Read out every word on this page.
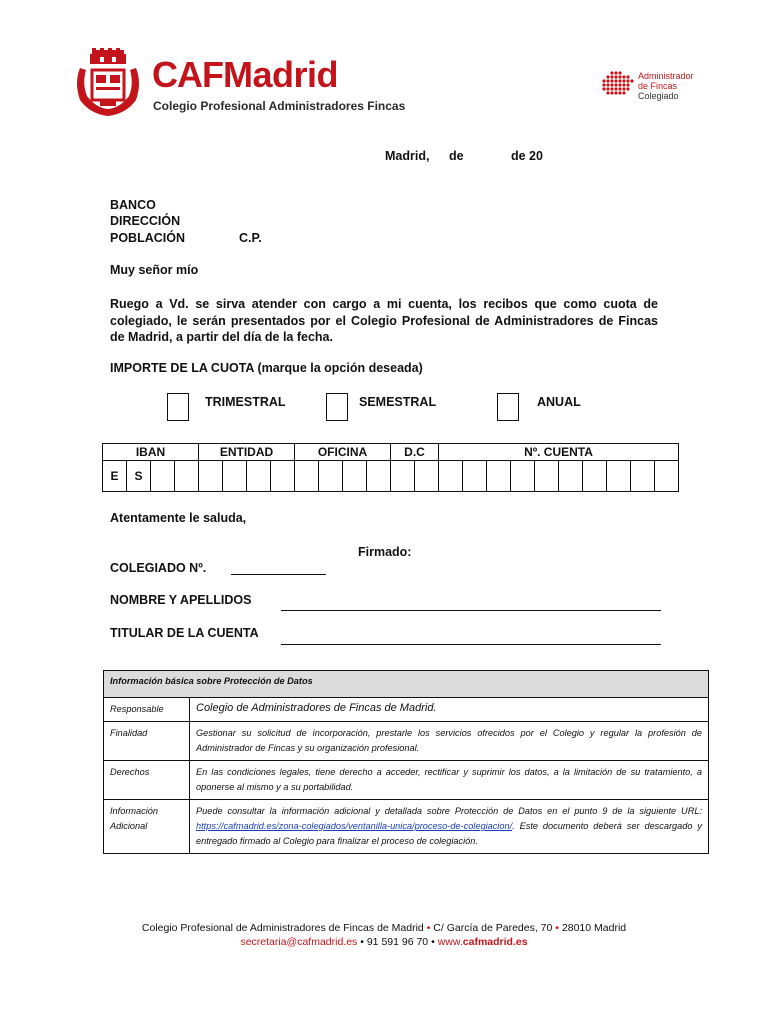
CAFMadrid
Colegio Profesional Administradores Fincas
Administrador
de Fincas
Colegiado
Madrid, de	de 20
BANCO
DIRECCIÓN
POBLACIÓN	C.P.
Muy señor mío
Ruego a Vd. se sirva atender con cargo a mi cuenta, los recibos que como cuota de colegiado, le serán presentados por el Colegio Profesional de Administradores de Fincas de Madrid, a partir del día de la fecha.
IMPORTE DE LA CUOTA (marque la opción deseada)
TRIMESTRAL	SEMESTRAL	ANUAL
IBAN				ENTIDAD				OFICINA				D.C		Nº. CUENTA									
E	S																						
Atentamente le saluda,
Firmado:
COLEGIADO Nº.
NOMBRE Y APELLIDOS
TITULAR DE LA CUENTA
Información básica sobre Protección de Datos	
Responsable	Colegio de Administradores de Fincas de Madrid.
Finalidad	Gestionar su solicitud de incorporación, prestarle los servicios ofrecidos por el Colegio y regular la profesión de Administrador de Fincas y su organización profesional.
Derechos	En las condiciones legales, tiene derecho a acceder, rectificar y suprimir los datos, a la limitación de su tratamiento, a oponerse al mismo y a su portabilidad.
Información Adicional	Puede consultar la información adicional y detallada sobre Protección de Datos en el punto 9 de la siguiente URL: https://cafmadrid.es/zona-colegiados/ventanilla-unica/proceso-de-colegiacion/. Este documento deberá ser descargado y entregado firmado al Colegio para finalizar el proceso de colegiación.
Colegio Profesional de Administradores de Fincas de Madrid • C/ García de Paredes, 70 • 28010 Madrid
secretaria@cafmadrid.es • 91 591 96 70 • www.cafmadrid.es
